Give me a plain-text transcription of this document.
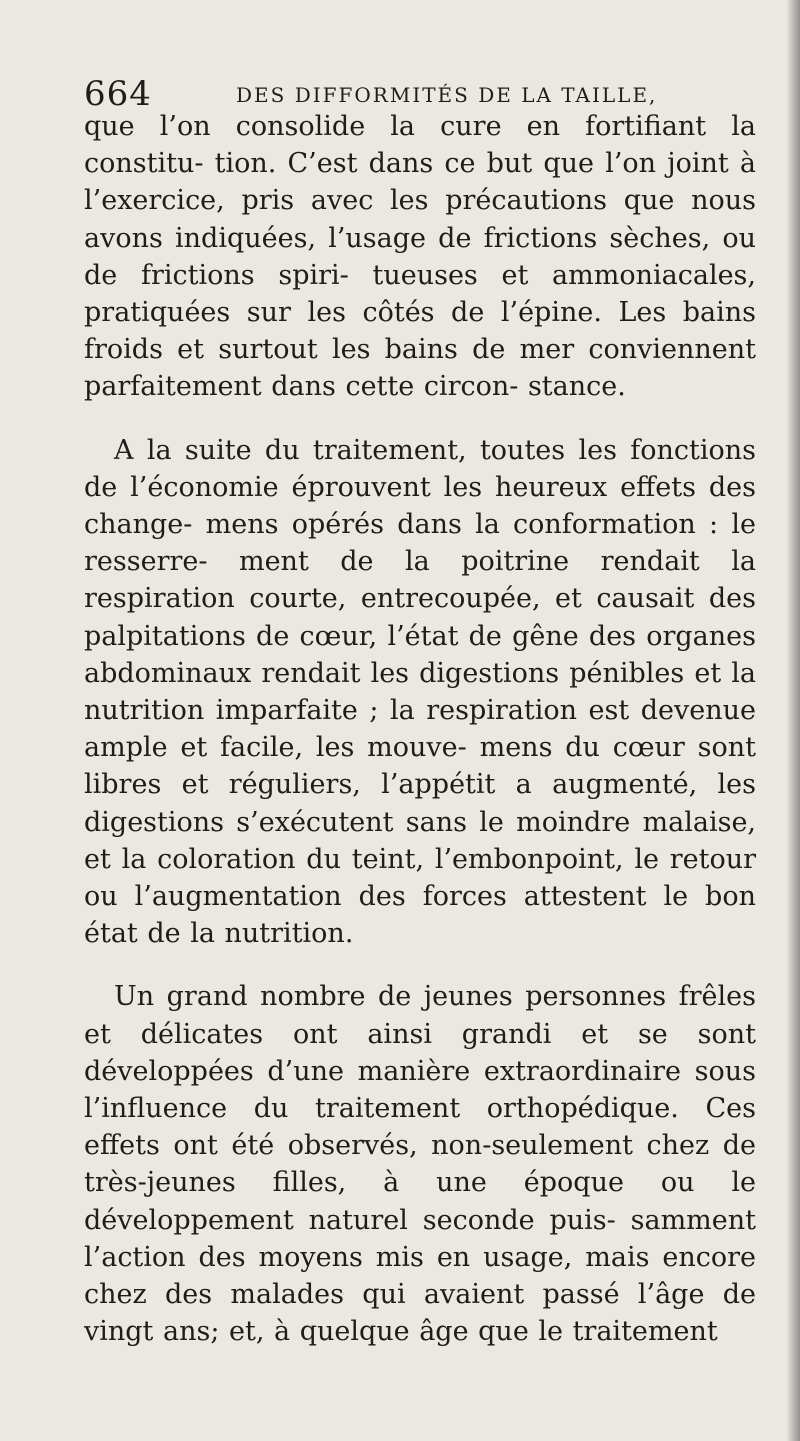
664	DES DIFFORMITÉS DE LA TAILLE,

que l’on consolide la cure en fortifiant la constitu- tion. C’est dans ce but que l’on joint à l’exercice, pris avec les précautions que nous avons indiquées, l’usage de frictions sèches, ou de frictions spiri- tueuses et ammoniacales, pratiquées sur les côtés de l’épine. Les bains froids et surtout les bains de mer conviennent parfaitement dans cette circon- stance.

A la suite du traitement, toutes les fonctions de l’économie éprouvent les heureux effets des change- mens opérés dans la conformation : le resserre- ment de la poitrine rendait la respiration courte, entrecoupée, et causait des palpitations de cœur, l’état de gêne des organes abdominaux rendait les digestions pénibles et la nutrition imparfaite ; la respiration est devenue ample et facile, les mouve- mens du cœur sont libres et réguliers, l’appétit a augmenté, les digestions s’exécutent sans le moindre malaise, et la coloration du teint, l’embonpoint, le retour ou l’augmentation des forces attestent le bon état de la nutrition.

Un grand nombre de jeunes personnes frêles et délicates ont ainsi grandi et se sont développées d’une manière extraordinaire sous l’influence du traitement orthopédique. Ces effets ont été observés, non-seulement chez de très-jeunes filles, à une époque ou le développement naturel seconde puis- samment l’action des moyens mis en usage, mais encore chez des malades qui avaient passé l’âge de vingt ans; et, à quelque âge que le traitement
